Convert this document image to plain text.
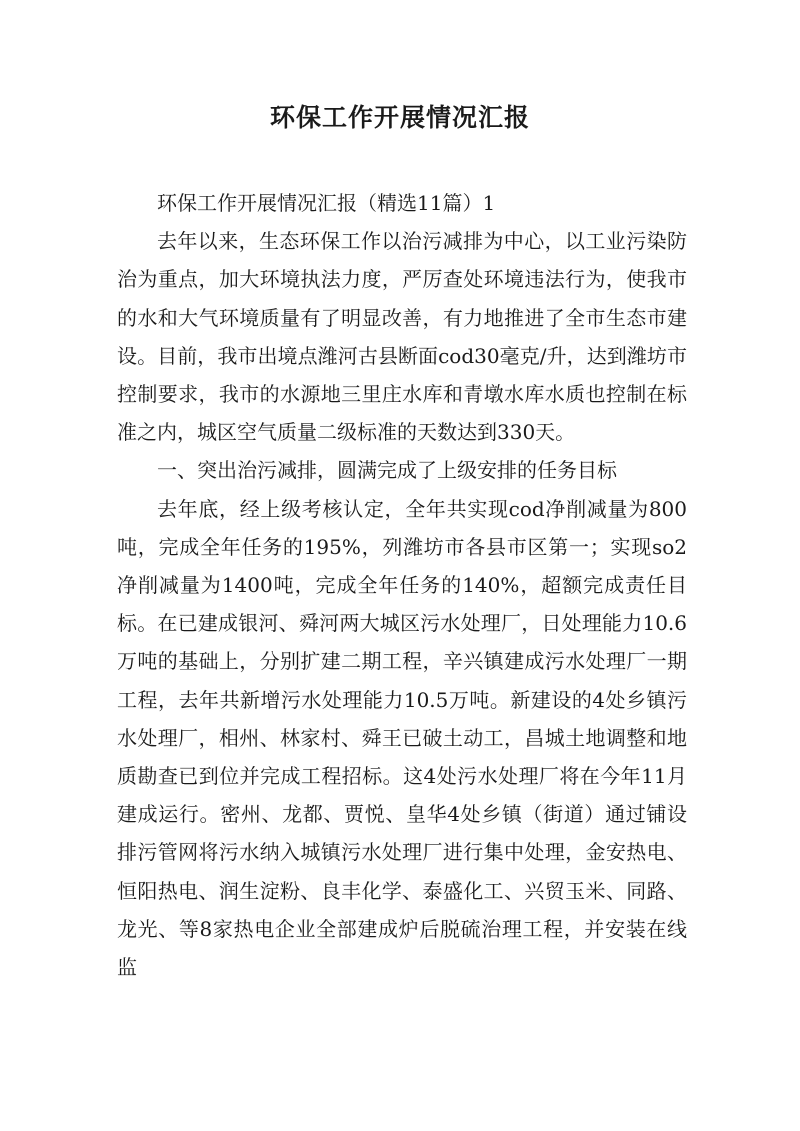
环保工作开展情况汇报

环保工作开展情况汇报（精选11篇）1

去年以来，生态环保工作以治污减排为中心，以工业污染防治为重点，加大环境执法力度，严厉查处环境违法行为，使我市的水和大气环境质量有了明显改善，有力地推进了全市生态市建设。目前，我市出境点潍河古县断面cod30毫克/升，达到潍坊市控制要求，我市的水源地三里庄水库和青墩水库水质也控制在标准之内，城区空气质量二级标准的天数达到330天。

一、突出治污减排，圆满完成了上级安排的任务目标

去年底，经上级考核认定，全年共实现cod净削减量为800吨，完成全年任务的195%，列潍坊市各县市区第一；实现so2净削减量为1400吨，完成全年任务的140%，超额完成责任目标。在已建成银河、舜河两大城区污水处理厂，日处理能力10.6万吨的基础上，分别扩建二期工程，辛兴镇建成污水处理厂一期工程，去年共新增污水处理能力10.5万吨。新建设的4处乡镇污水处理厂，相州、林家村、舜王已破土动工，昌城土地调整和地质勘查已到位并完成工程招标。这4处污水处理厂将在今年11月建成运行。密州、龙都、贾悦、皇华4处乡镇（街道）通过铺设排污管网将污水纳入城镇污水处理厂进行集中处理，金安热电、恒阳热电、润生淀粉、良丰化学、泰盛化工、兴贸玉米、同路、龙光、等8家热电企业全部建成炉后脱硫治理工程，并安装在线监
